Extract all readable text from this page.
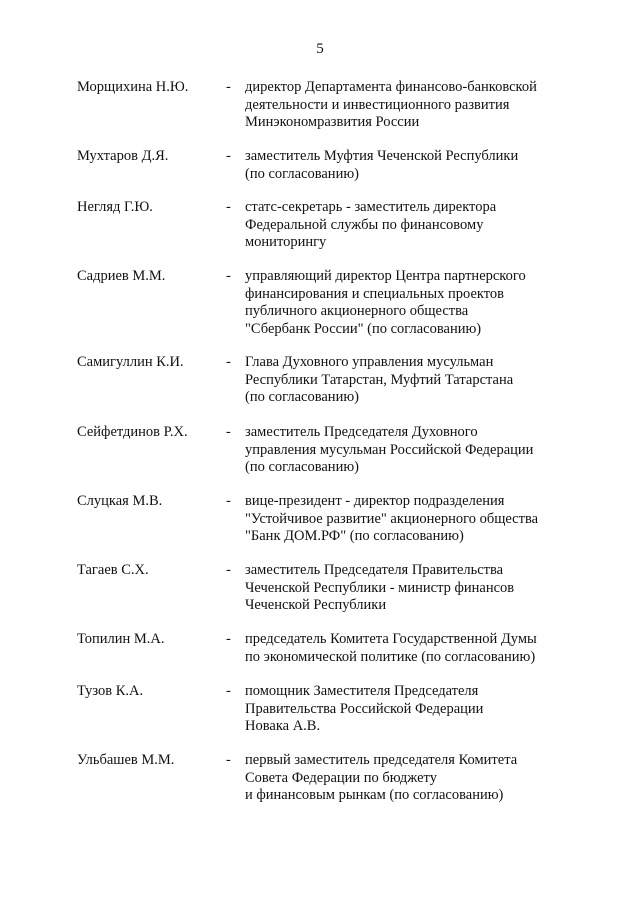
5
Морщихина Н.Ю.	- директор Департамента финансово-банковской
деятельности и инвестиционного развития
Минэкономразвития России
Мухтаров Д.Я.	- заместитель Муфтия Чеченской Республики
(по согласованию)
Негляд Г.Ю.	- статс-секретарь - заместитель директора
Федеральной службы по финансовому
мониторингу
Садриев М.М.	- управляющий директор Центра партнерского
финансирования и специальных проектов
публичного акционерного общества
"Сбербанк России" (по согласованию)
Самигуллин К.И.	- Глава Духовного управления мусульман
Республики Татарстан, Муфтий Татарстана
(по согласованию)
Сейфетдинов Р.Х.	- заместитель Председателя Духовного
управления мусульман Российской Федерации
(по согласованию)
Слуцкая М.В.	- вице-президент - директор подразделения
"Устойчивое развитие" акционерного общества
"Банк ДОМ.РФ" (по согласованию)
Тагаев С.Х.	- заместитель Председателя Правительства
Чеченской Республики - министр финансов
Чеченской Республики
Топилин М.А.	- председатель Комитета Государственной Думы
по экономической политике (по согласованию)
Тузов К.А.	- помощник Заместителя Председателя
Правительства Российской Федерации
Новака А.В.
Ульбашев М.М.	- первый заместитель председателя Комитета
Совета Федерации по бюджету
и финансовым рынкам (по согласованию)
